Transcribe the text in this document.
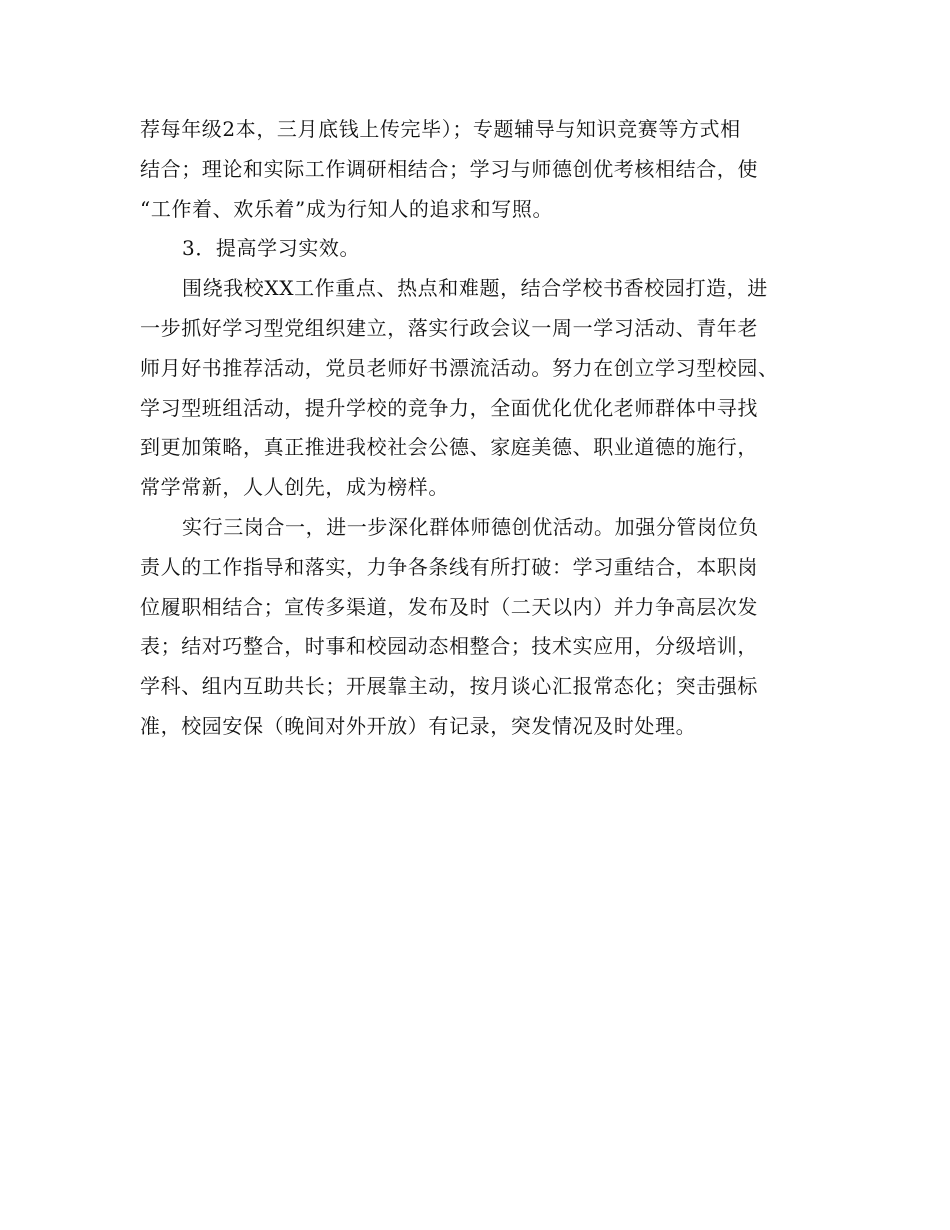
荐每年级2本，三月底钱上传完毕）；专题辅导与知识竞赛等方式相
结合；理论和实际工作调研相结合；学习与师德创优考核相结合，使
“工作着、欢乐着”成为行知人的追求和写照。
3．提高学习实效。
围绕我校XX工作重点、热点和难题，结合学校书香校园打造，进
一步抓好学习型党组织建立，落实行政会议一周一学习活动、青年老
师月好书推荐活动，党员老师好书漂流活动。努力在创立学习型校园、
学习型班组活动，提升学校的竞争力，全面优化优化老师群体中寻找
到更加策略，真正推进我校社会公德、家庭美德、职业道德的施行，
常学常新，人人创先，成为榜样。
实行三岗合一，进一步深化群体师德创优活动。加强分管岗位负
责人的工作指导和落实，力争各条线有所打破：学习重结合，本职岗
位履职相结合；宣传多渠道，发布及时（二天以内）并力争高层次发
表；结对巧整合，时事和校园动态相整合；技术实应用，分级培训，
学科、组内互助共长；开展靠主动，按月谈心汇报常态化；突击强标
准，校园安保（晚间对外开放）有记录，突发情况及时处理。
